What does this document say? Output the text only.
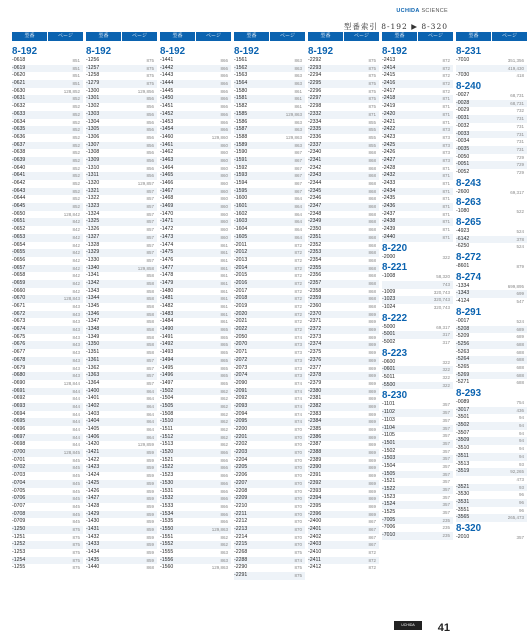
UCHIDA SCIENCE
型番索引 8-192 ▶ 8-320
型番	ページ
8-192
-0618	851
-0619	851
-0620	851
-0621	851
-0630	128,852
-0631	852
-0632	852
-0633	852
-0634	852
-0635	852
-0636	852
-0637	852
-0638	852
-0639	852
-0640	852
-0641	852
-0642	852
-0643	852
-0644	852
-0645	852
-0650	128,842
-0651	842
-0652	842
-0653	842
-0654	842
-0655	842
-0656	842
-0657	842
-0658	842
-0659	842
-0660	842
-0670	128,843
-0671	843
-0672	843
-0673	843
-0674	843
-0675	843
-0676	843
-0677	843
-0678	843
-0679	843
-0680	843
-0690	128,844
-0691	844
-0692	844
-0693	844
-0694	844
-0695	844
-0696	844
-0697	844
-0698	844
-0700	128,845
-0701	845
-0702	845
-0703	845
-0704	845
-0705	845
-0706	845
-0707	845
-0708	845
-0709	845
-1250	875
-1251	875
-1252	875
-1253	875
-1254	875
-1255	875
型番	ページ
8-192
-1256	875
-1257	875
-1258	875
-1279	875
-1300	129,856
-1301	856
-1302	856
-1303	856
-1304	856
-1305	856
-1306	856
-1307	856
-1308	856
-1309	856
-1310	856
-1311	856
-1320	129,857
-1321	857
-1322	857
-1323	857
-1324	857
-1325	857
-1326	857
-1327	857
-1328	857
-1329	857
-1330	857
-1340	129,858
-1341	858
-1342	858
-1343	858
-1344	858
-1345	858
-1346	858
-1347	858
-1348	858
-1349	858
-1350	858
-1351	858
-1361	857
-1362	857
-1363	857
-1364	857
-1400	864
-1401	864
-1402	864
-1403	864
-1404	864
-1405	864
-1406	864
-1420	129,859
-1421	859
-1422	859
-1423	859
-1424	859
-1425	859
-1426	859
-1427	859
-1428	859
-1429	859
-1430	859
-1431	859
-1432	859
-1433	859
-1434	859
-1435	859
-1440	868
型番	ページ
8-192
-1441	866
-1442	866
-1443	866
-1444	866
-1445	866
-1450	866
-1451	866
-1452	866
-1453	866
-1454	866
-1460	129,860
-1461	860
-1462	860
-1463	860
-1464	860
-1465	860
-1466	860
-1467	860
-1468	860
-1469	860
-1470	860
-1471	860
-1472	860
-1473	860
-1474	861
-1475	861
-1476	861
-1477	861
-1478	861
-1479	861
-1480	861
-1481	861
-1482	861
-1483	861
-1484	861
-1490	865
-1491	865
-1492	865
-1493	865
-1494	865
-1495	865
-1496	865
-1497	865
-1502	862
-1504	862
-1505	862
-1508	862
-1510	862
-1511	862
-1512	862
-1513	862
-1520	866
-1521	866
-1522	866
-1523	866
-1530	866
-1531	866
-1532	866
-1533	866
-1534	866
-1535	866
-1550	129,863
-1551	862
-1552	862
-1555	863
-1556	863
-1560	129,863
型番	ページ
8-192
-1561	863
-1562	863
-1563	863
-1564	863
-1580	861
-1581	861
-1582	861
-1585	129,863
-1586	863
-1587	863
-1588	129,863
-1589	863
-1590	867
-1591	867
-1592	867
-1593	867
-1594	867
-1595	867
-1600	864
-1601	864
-1602	864
-1603	864
-1604	864
-1605	864
-2011	872
-2012	872
-2013	872
-2014	872
-2015	872
-2016	872
-2017	872
-2018	872
-2019	872
-2020	872
-2021	872
-2022	872
-2050	874
-2070	873
-2071	873
-2072	873
-2073	873
-2074	873
-2090	874
-2091	874
-2092	874
-2093	874
-2094	874
-2095	874
-2200	870
-2201	870
-2202	870
-2203	870
-2204	870
-2205	870
-2206	870
-2207	870
-2208	870
-2209	870
-2210	870
-2211	870
-2212	870
-2213	870
-2214	870
-2215	870
-2268	875
-2288	874
-2290	875
-2291	875
型番	ページ
8-192
-2292	875
-2293	875
-2294	875
-2295	875
-2296	875
-2297	875
-2298	875
-2332	871
-2334	855
-2335	855
-2336	855
-2337	855
-2340	868
-2341	868
-2342	868
-2343	868
-2344	868
-2345	868
-2346	868
-2347	868
-2348	868
-2349	868
-2350	868
-2351	868
-2352	868
-2353	868
-2354	868
-2355	868
-2356	868
-2357	868
-2358	868
-2359	868
-2360	868
-2370	869
-2371	869
-2372	869
-2373	869
-2374	869
-2375	869
-2376	869
-2377	869
-2378	869
-2379	869
-2380	869
-2381	869
-2382	869
-2383	869
-2384	869
-2385	869
-2386	869
-2387	869
-2388	869
-2389	869
-2390	869
-2391	869
-2392	869
-2393	869
-2394	869
-2395	869
-2396	869
-2400	867
-2401	867
-2402	867
-2403	867
-2410	872
-2411	872
-2412	872
型番	ページ
8-192
-2413	872
-2414	872
-2415	872
-2416	872
-2417	872
-2418	871
-2419	871
-2420	871
-2421	871
-2422	873
-2423	873
-2425	873
-2426	873
-2427	873
-2428	871
-2432	871
-2433	871
-2434	871
-2435	871
-2436	871
-2437	871
-2438	871
-2439	871
-2440	871
8-220
-2000	322
8-221
-1008	58,320
743
-1009	320,743
-1023	320,743
-1024	320,743
8-222
-5000	69,317
-5001	317
-5002	317
8-223
-0600	322
-0601	322
-5011	322
-5500	322
8-230
-1101	357
-1102	357
-1103	357
-1104	357
-1105	357
-1501	357
-1502	357
-1503	357
-1504	357
-1505	357
-1521	357
-1522	357
-1523	357
-1524	357
-1525	357
-7005	235
-7006	235
-7010	235
型番	ページ
8-231
-7010	351,356
419,430
-7030	418
8-240
-0027	68,731
-0028	68,731
-0029	732
-0031	731
-0032	731
-0033	731
-0034	731
-0035	731
-0050	729
-0051	729
-0052	729
8-243
-2600	69,317
8-263
-1080	522
8-265
-4923	524
-6142	378
-6250	524
8-272
-8601	879
8-274
-1334	699,895
-1343	699
-4124	547
8-291
-0017	524
-5208	689
-5209	689
-5256	688
-5263	688
-5264	688
-5265	688
-5269	688
-5271	688
8-293
-0089	754
-3017	436
-3501	94
-3502	94
-3507	94
-3509	94
-3510	94
-3511	94
-3513	93
-3519	92,265
473
-3521	93
-3530	96
-3531	96
-3551	96
-3565	265,473
8-320
-2010	357
UCHIDA	41
